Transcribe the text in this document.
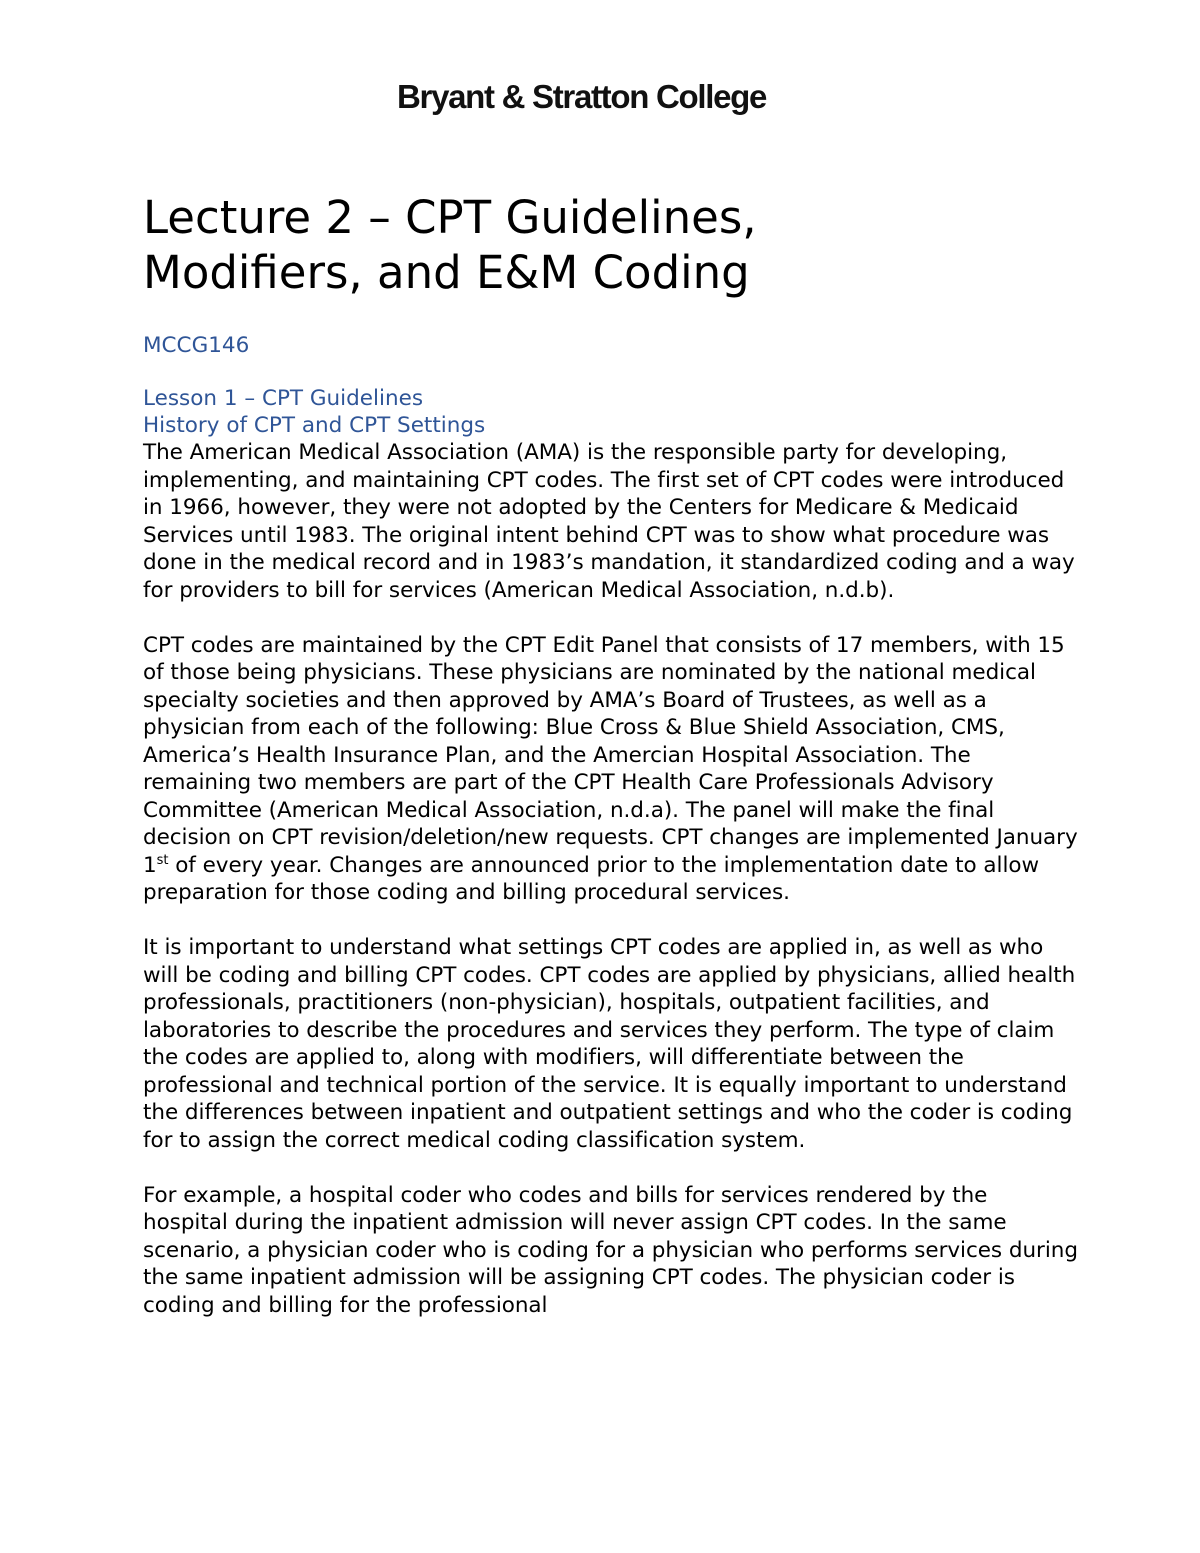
Bryant & Stratton College
Lecture 2 – CPT Guidelines,
Modifiers, and E&M Coding

MCCG146

Lesson 1 – CPT Guidelines
History of CPT and CPT Settings

The American Medical Association (AMA) is the responsible party for developing, implementing, and maintaining CPT codes. The first set of CPT codes were introduced in 1966, however, they were not adopted by the Centers for Medicare & Medicaid Services until 1983. The original intent behind CPT was to show what procedure was done in the medical record and in 1983’s mandation, it standardized coding and a way for providers to bill for services (American Medical Association, n.d.b).

CPT codes are maintained by the CPT Edit Panel that consists of 17 members, with 15 of those being physicians. These physicians are nominated by the national medical specialty societies and then approved by AMA’s Board of Trustees, as well as a physician from each of the following: Blue Cross & Blue Shield Association, CMS, America’s Health Insurance Plan, and the Amercian Hospital Association. The remaining two members are part of the CPT Health Care Professionals Advisory Committee (American Medical Association, n.d.a). The panel will make the final decision on CPT revision/deletion/new requests. CPT changes are implemented January 1st of every year. Changes are announced prior to the implementation date to allow preparation for those coding and billing procedural services.

It is important to understand what settings CPT codes are applied in, as well as who will be coding and billing CPT codes. CPT codes are applied by physicians, allied health professionals, practitioners (non-physician), hospitals, outpatient facilities, and laboratories to describe the procedures and services they perform. The type of claim the codes are applied to, along with modifiers, will differentiate between the professional and technical portion of the service. It is equally important to understand the differences between inpatient and outpatient settings and who the coder is coding for to assign the correct medical coding classification system.

For example, a hospital coder who codes and bills for services rendered by the hospital during the inpatient admission will never assign CPT codes. In the same scenario, a physician coder who is coding for a physician who performs services during the same inpatient admission will be assigning CPT codes. The physician coder is coding and billing for the professional
